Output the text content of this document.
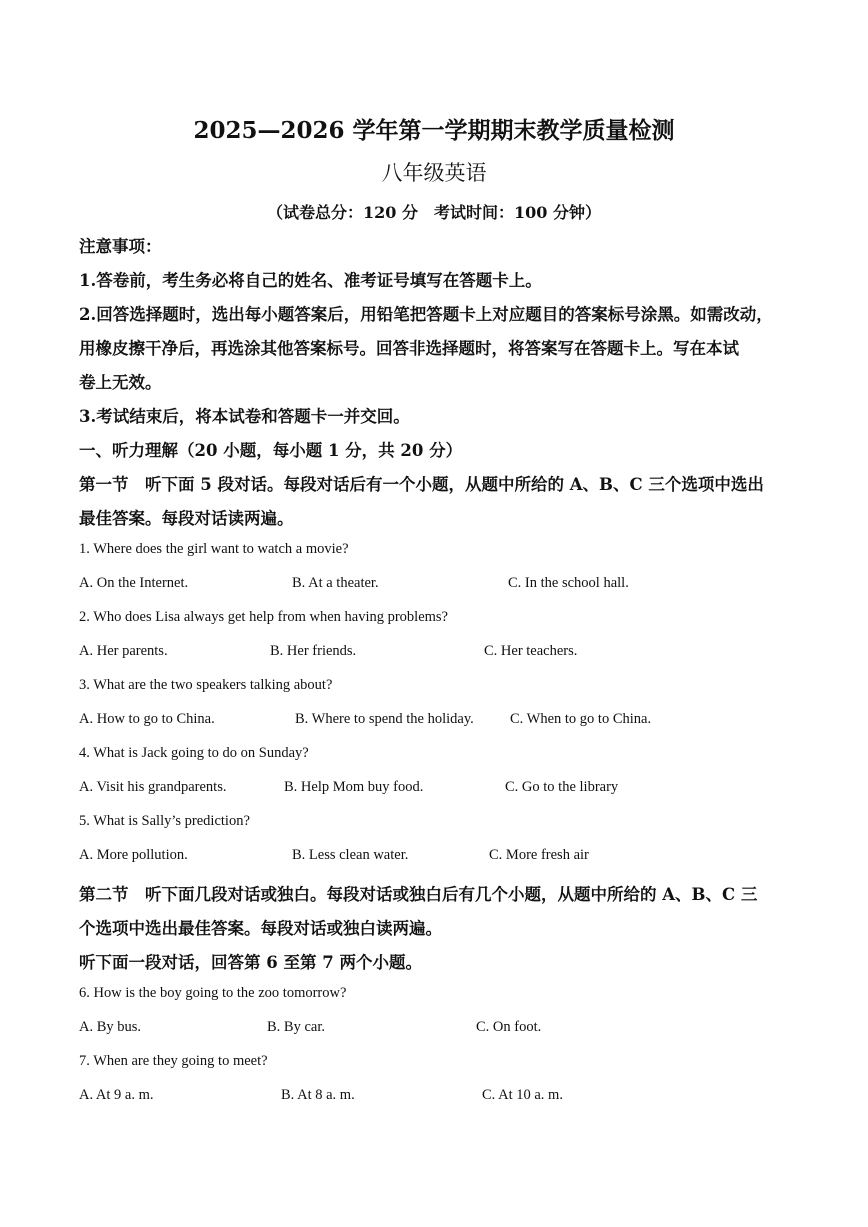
2025—2026 学年第一学期期末教学质量检测
八年级英语
（试卷总分：120 分　考试时间：100 分钟）
注意事项：
1.答卷前，考生务必将自己的姓名、准考证号填写在答题卡上。
2.回答选择题时，选出每小题答案后，用铅笔把答题卡上对应题目的答案标号涂黑。如需改动，
用橡皮擦干净后，再选涂其他答案标号。回答非选择题时，将答案写在答题卡上。写在本试
卷上无效。
3.考试结束后，将本试卷和答题卡一并交回。
一、听力理解（20 小题，每小题 1 分，共 20 分）
第一节　听下面 5 段对话。每段对话后有一个小题，从题中所给的 A、B、C 三个选项中选出
最佳答案。每段对话读两遍。
1. Where does the girl want to watch a movie?
A. On the Internet.	B. At a theater.	C. In the school hall.
2. Who does Lisa always get help from when having problems?
A. Her parents.	B. Her friends.	C. Her teachers.
3. What are the two speakers talking about?
A. How to go to China.	B. Where to spend the holiday. C. When to go to China.
4. What is Jack going to do on Sunday?
A. Visit his grandparents.	B. Help Mom buy food.	C. Go to the library
5. What is Sally’s prediction?
A. More pollution.	B. Less clean water.	C. More fresh air
第二节　听下面几段对话或独白。每段对话或独白后有几个小题，从题中所给的 A、B、C 三
个选项中选出最佳答案。每段对话或独白读两遍。
听下面一段对话，回答第 6 至第 7 两个小题。
6. How is the boy going to the zoo tomorrow?
A. By bus.	B. By car.	C. On foot.
7. When are they going to meet?
A. At 9 a. m.	B. At 8 a. m.	C. At 10 a. m.
